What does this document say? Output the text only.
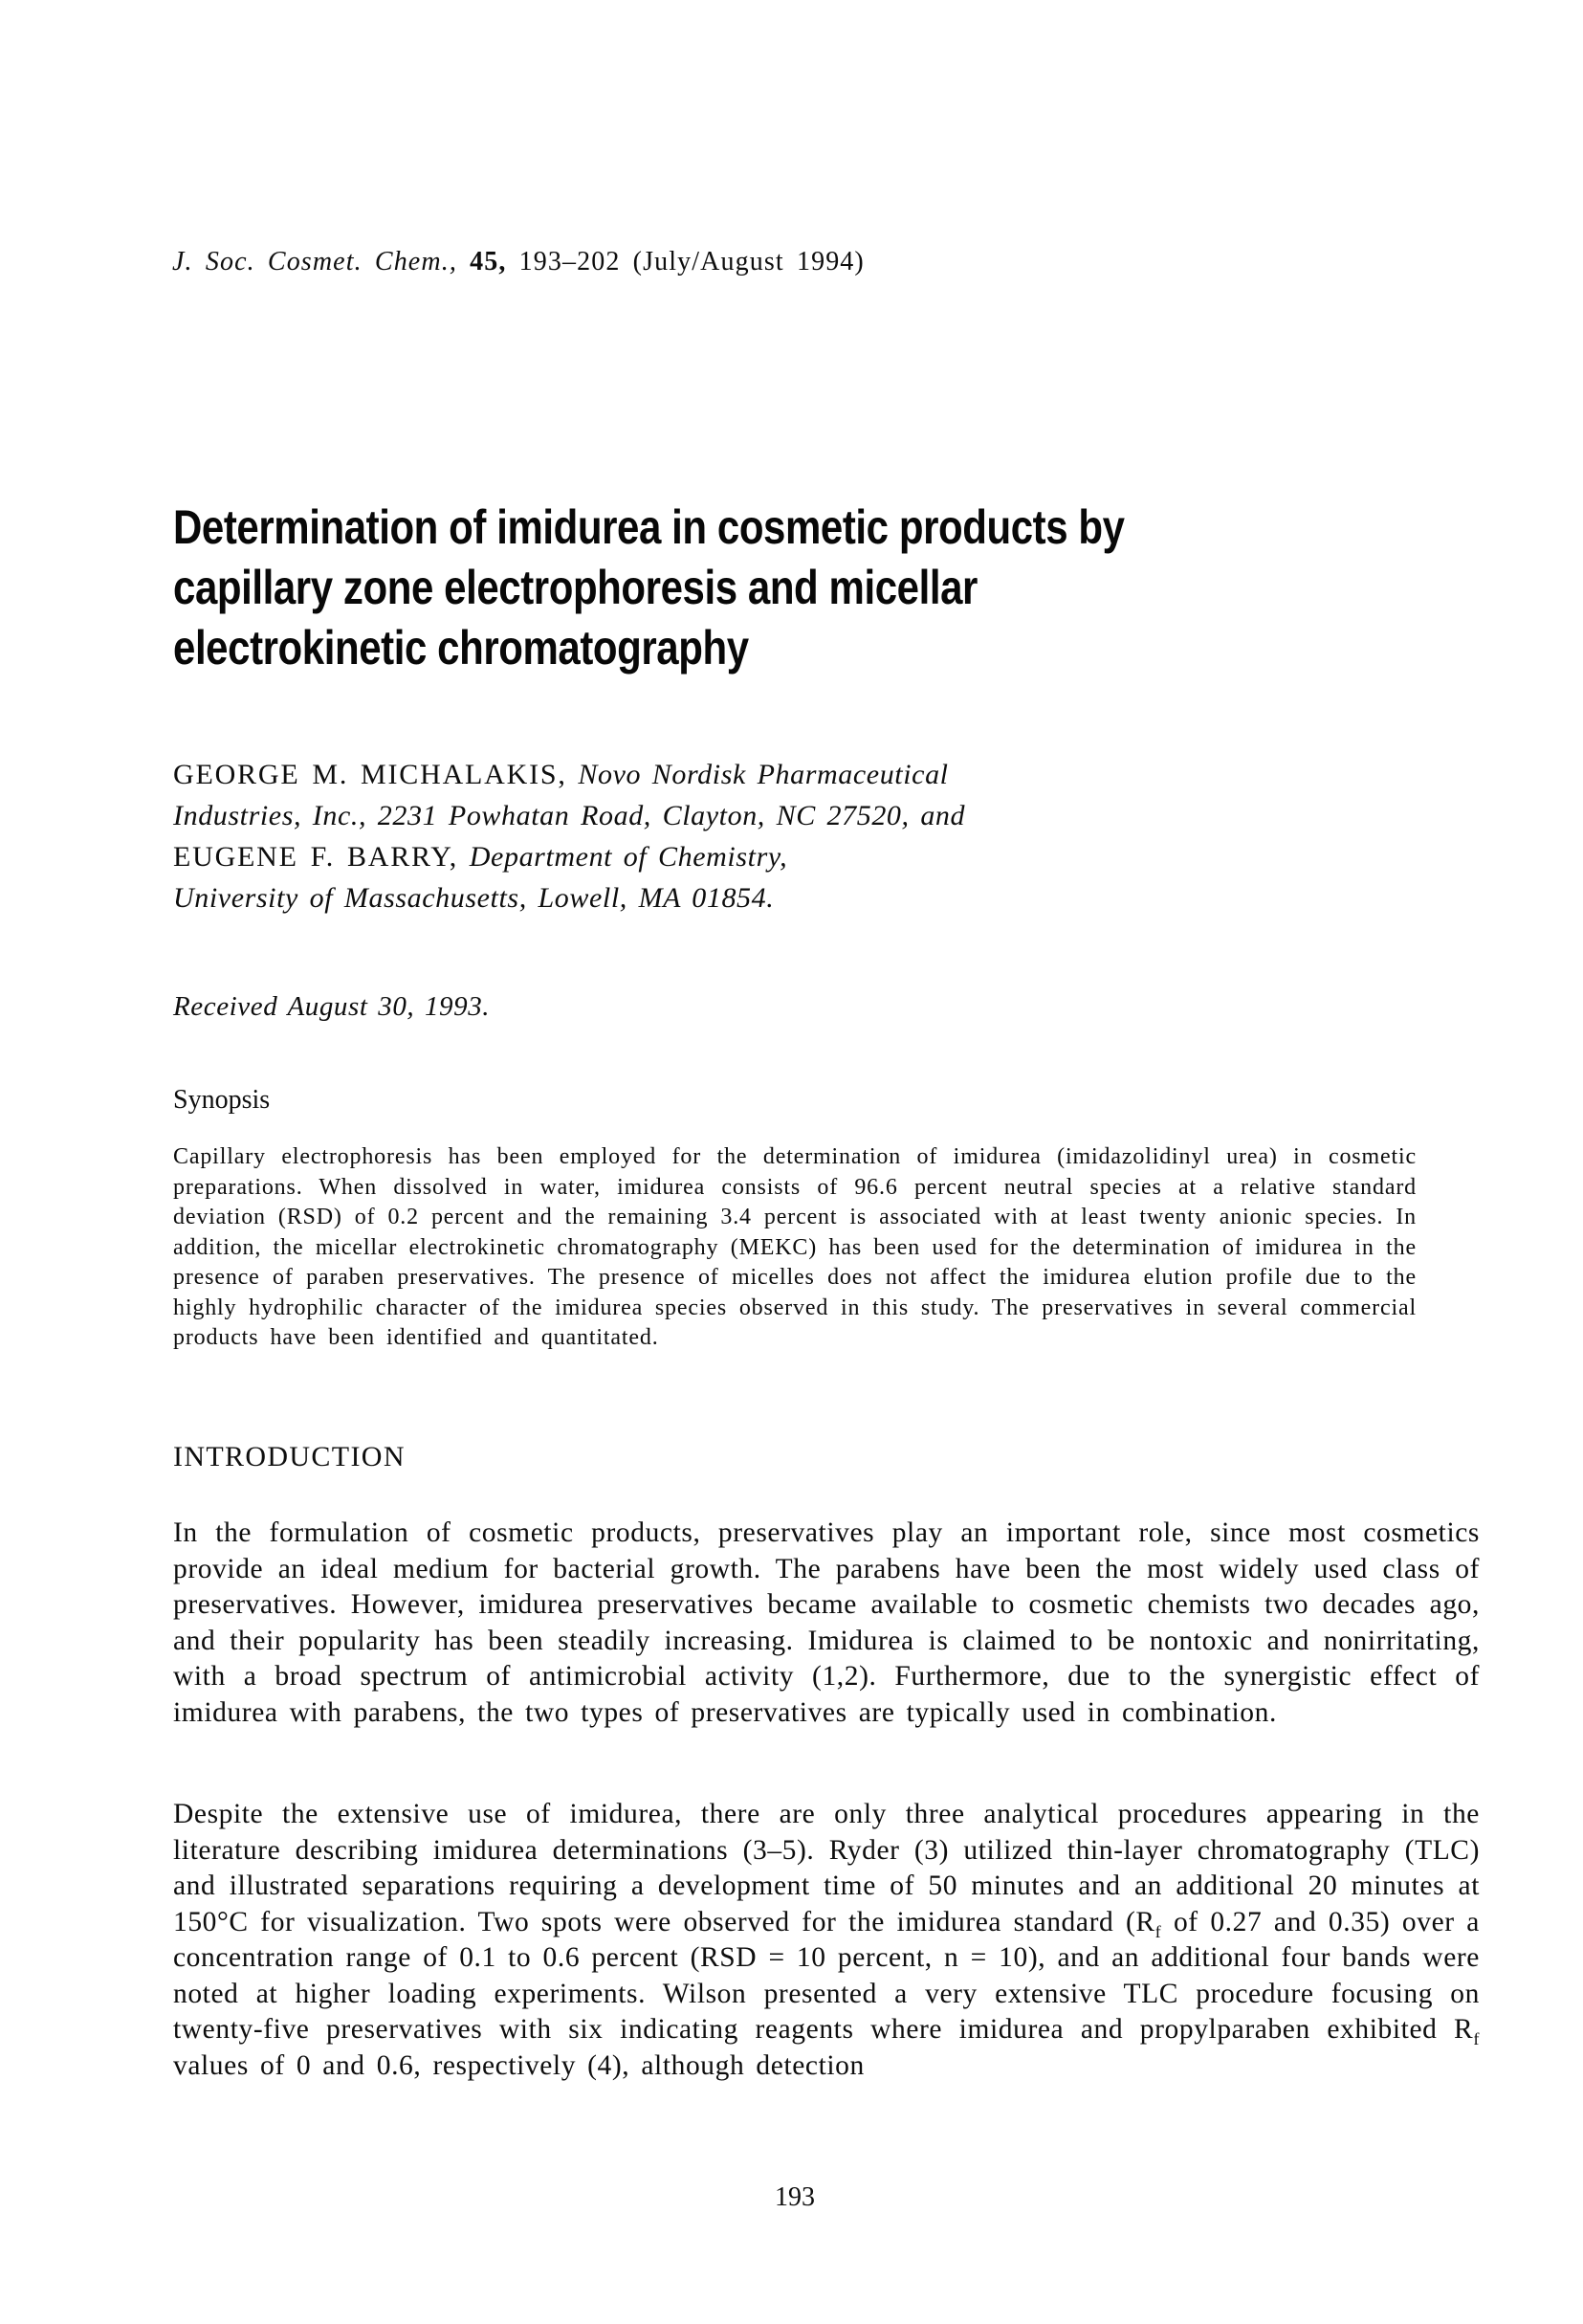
J. Soc. Cosmet. Chem., 45, 193–202 (July/August 1994)
Determination of imidurea in cosmetic products by
capillary zone electrophoresis and micellar
electrokinetic chromatography
GEORGE M. MICHALAKIS, Novo Nordisk Pharmaceutical
Industries, Inc., 2231 Powhatan Road, Clayton, NC 27520, and
EUGENE F. BARRY, Department of Chemistry,
University of Massachusetts, Lowell, MA 01854.
Received August 30, 1993.
Synopsis
Capillary electrophoresis has been employed for the determination of imidurea (imidazolidinyl urea) in cosmetic preparations. When dissolved in water, imidurea consists of 96.6 percent neutral species at a relative standard deviation (RSD) of 0.2 percent and the remaining 3.4 percent is associated with at least twenty anionic species. In addition, the micellar electrokinetic chromatography (MEKC) has been used for the determination of imidurea in the presence of paraben preservatives. The presence of micelles does not affect the imidurea elution profile due to the highly hydrophilic character of the imidurea species observed in this study. The preservatives in several commercial products have been identified and quantitated.
INTRODUCTION
In the formulation of cosmetic products, preservatives play an important role, since most cosmetics provide an ideal medium for bacterial growth. The parabens have been the most widely used class of preservatives. However, imidurea preservatives became available to cosmetic chemists two decades ago, and their popularity has been steadily increasing. Imidurea is claimed to be nontoxic and nonirritating, with a broad spectrum of antimicrobial activity (1,2). Furthermore, due to the synergistic effect of imidurea with parabens, the two types of preservatives are typically used in combination.
Despite the extensive use of imidurea, there are only three analytical procedures appearing in the literature describing imidurea determinations (3–5). Ryder (3) utilized thin-layer chromatography (TLC) and illustrated separations requiring a development time of 50 minutes and an additional 20 minutes at 150°C for visualization. Two spots were observed for the imidurea standard ($R_f$ of 0.27 and 0.35) over a concentration range of 0.1 to 0.6 percent (RSD = 10 percent, n = 10), and an additional four bands were noted at higher loading experiments. Wilson presented a very extensive TLC procedure focusing on twenty-five preservatives with six indicating reagents where imidurea and propylparaben exhibited $R_f$ values of 0 and 0.6, respectively (4), although detection
193
